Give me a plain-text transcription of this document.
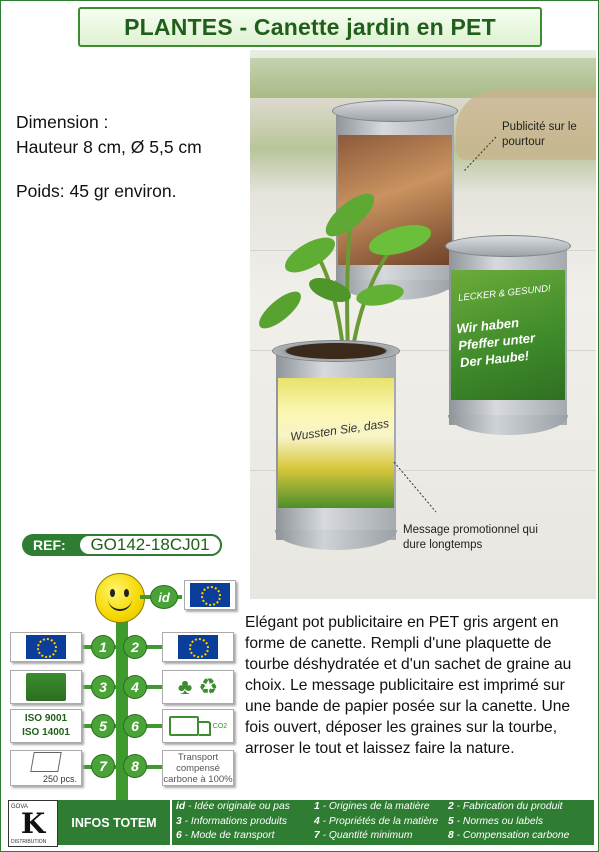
PLANTES - Canette jardin en PET
Dimension :
Hauteur 8 cm, Ø 5,5 cm
Poids: 45 gr environ.
LECKER & GESUND!
Wir haben Pfeffer unter Der Haube!
Wussten Sie, dass
Publicité sur le pourtour
Message promotionnel qui dure longtemps
REF:	GO142-18CJ01
id
1	2
3	4	♣ ♻
ISO 9001
ISO 14001	5	6	CO2
250 pcs.
7	8
Transport
compensé
carbone à 100%
Elégant pot publicitaire en PET gris argent en forme de canette. Rempli d'une plaquette de tourbe déshydratée et d'un sachet de graine au choix. Le message publicitaire est imprimé sur une bande de papier posée sur la canette. Une fois ouvert, déposer les graines sur la tourbe, arroser le tout et laissez faire la nature.
GOVA
K
DISTRIBUTION
INFOS TOTEM
id - Idée originale ou pas	1 - Origines de la matière	2 - Fabrication du produit
3 - Informations produits	4 - Propriétés de la matière 5 - Normes ou labels
6 - Mode de transport	7 - Quantité minimum	8 - Compensation carbone
